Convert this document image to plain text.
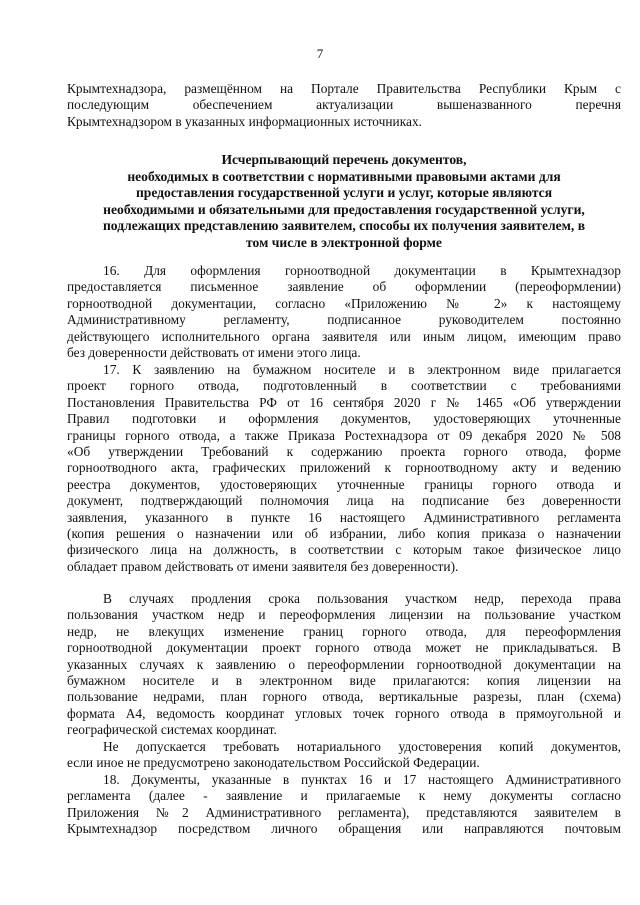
7
Крымтехнадзора, размещённом на Портале Правительства Республики Крым с
последующим обеспечением актуализации вышеназванного перечня
Крымтехнадзором в указанных информационных источниках.
Исчерпывающий перечень документов,
необходимых в соответствии с нормативными правовыми актами для
предоставления государственной услуги и услуг, которые являются
необходимыми и обязательными для предоставления государственной услуги,
подлежащих представлению заявителем, способы их получения заявителем, в
том числе в электронной форме
16. Для оформления горноотводной документации в Крымтехнадзор
предоставляется письменное заявление об оформлении (переоформлении)
горноотводной документации, согласно «Приложению № 2» к настоящему
Административному регламенту, подписанное руководителем постоянно
действующего исполнительного органа заявителя или иным лицом, имеющим право
без доверенности действовать от имени этого лица.
17. К заявлению на бумажном носителе и в электронном виде прилагается
проект горного отвода, подготовленный в соответствии с требованиями
Постановления Правительства РФ от 16 сентября 2020 г № 1465 «Об утверждении
Правил подготовки и оформления документов, удостоверяющих уточненные
границы горного отвода, а также Приказа Ростехнадзора от 09 декабря 2020 № 508
«Об утверждении Требований к содержанию проекта горного отвода, форме
горноотводного акта, графических приложений к горноотводному акту и ведению
реестра документов, удостоверяющих уточненные границы горного отвода и
документ, подтверждающий полномочия лица на подписание без доверенности
заявления, указанного в пункте 16 настоящего Административного регламента
(копия решения о назначении или об избрании, либо копия приказа о назначении
физического лица на должность, в соответствии с которым такое физическое лицо
обладает правом действовать от имени заявителя без доверенности).
В случаях продления срока пользования участком недр, перехода права
пользования участком недр и переоформления лицензии на пользование участком
недр, не влекущих изменение границ горного отвода, для переоформления
горноотводной документации проект горного отвода может не прикладываться. В
указанных случаях к заявлению о переоформлении горноотводной документации на
бумажном носителе и в электронном виде прилагаются: копия лицензии на
пользование недрами, план горного отвода, вертикальные разрезы, план (схема)
формата А4, ведомость координат угловых точек горного отвода в прямоугольной и
географической системах координат.
Не допускается требовать нотариального удостоверения копий документов,
если иное не предусмотрено законодательством Российской Федерации.
18. Документы, указанные в пунктах 16 и 17 настоящего Административного
регламента (далее - заявление и прилагаемые к нему документы согласно
Приложения №2 Административного регламента), представляются заявителем в
Крымтехнадзор посредством личного обращения или направляются почтовым
